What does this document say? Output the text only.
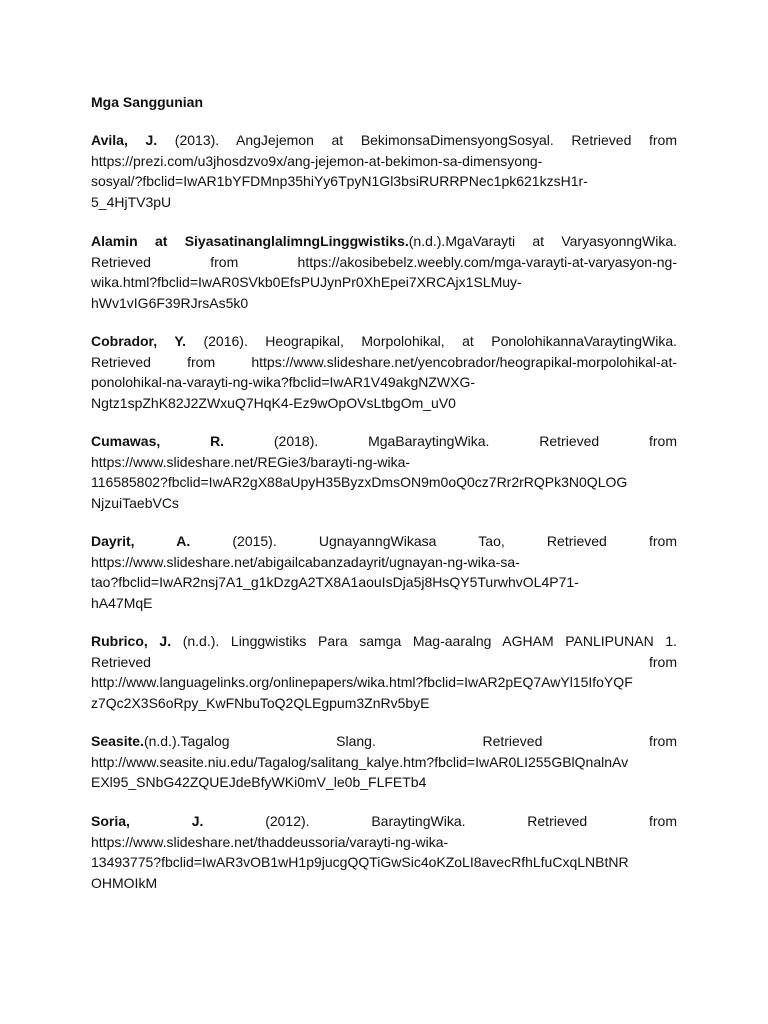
Mga Sanggunian
Avila, J. (2013). AngJejemon at BekimonsaDimensyongSosyal. Retrieved from
https://prezi.com/u3jhosdzvo9x/ang-jejemon-at-bekimon-sa-dimensyong-
sosyal/?fbclid=IwAR1bYFDMnp35hiYy6TpyN1Gl3bsiRURRPNec1pk621kzsH1r-
5_4HjTV3pU
Alamin at SiyasatinanglalimngLinggwistiks.(n.d.).MgaVarayti at VaryasyonngWika.
Retrieved from https://akosibebelz.weebly.com/mga-varayti-at-varyasyon-ng-
wika.html?fbclid=IwAR0SVkb0EfsPUJynPr0XhEpei7XRCAjx1SLMuy-
hWv1vIG6F39RJrsAs5k0
Cobrador, Y. (2016). Heograpikal, Morpolohikal, at PonolohikannaVaraytingWika.
Retrieved from https://www.slideshare.net/yencobrador/heograpikal-morpolohikal-at-
ponolohikal-na-varayti-ng-wika?fbclid=IwAR1V49akgNZWXG-
Ngtz1spZhK82J2ZWxuQ7HqK4-Ez9wOpOVsLtbgOm_uV0
Cumawas, R. (2018). MgaBaraytingWika. Retrieved from
https://www.slideshare.net/REGie3/barayti-ng-wika-
116585802?fbclid=IwAR2gX88aUpyH35ByzxDmsON9m0oQ0cz7Rr2rRQPk3N0QLOG
NjzuiTaebVCs
Dayrit, A. (2015). UgnayanngWikasa Tao, Retrieved from
https://www.slideshare.net/abigailcabanzadayrit/ugnayan-ng-wika-sa-
tao?fbclid=IwAR2nsj7A1_g1kDzgA2TX8A1aouIsDja5j8HsQY5TurwhvOL4P71-
hA47MqE
Rubrico, J. (n.d.). Linggwistiks Para samga Mag-aaralng AGHAM PANLIPUNAN 1.
Retrieved from
http://www.languagelinks.org/onlinepapers/wika.html?fbclid=IwAR2pEQ7AwYl15IfoYQF
z7Qc2X3S6oRpy_KwFNbuToQ2QLEgpum3ZnRv5byE
Seasite.(n.d.).Tagalog Slang. Retrieved from
http://www.seasite.niu.edu/Tagalog/salitang_kalye.htm?fbclid=IwAR0LI255GBlQnalnAv
EXl95_SNbG42ZQUEJdeBfyWKi0mV_le0b_FLFETb4
Soria, J. (2012). BaraytingWika. Retrieved from
https://www.slideshare.net/thaddeussoria/varayti-ng-wika-
13493775?fbclid=IwAR3vOB1wH1p9jucgQQTiGwSic4oKZoLI8avecRfhLfuCxqLNBtNR
OHMOIkM
